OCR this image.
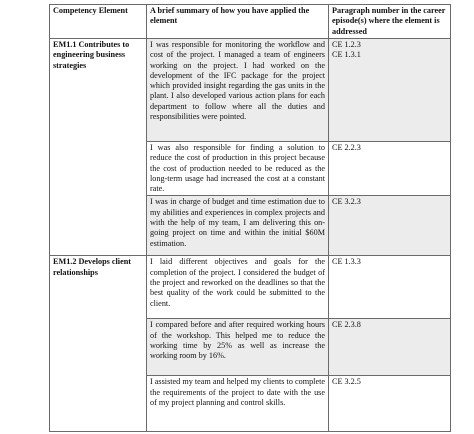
Competency Element	A brief summary of how you have applied the element	Paragraph number in the career episode(s) where the element is addressed
EM1.1 Contributes to engineering business strategies	I was responsible for monitoring the workflow and cost of the project. I managed a team of engineers working on the project. I had worked on the development of the IFC package for the project which provided insight regarding the gas units in the plant. I also developed various action plans for each department to follow where all the duties and responsibilities were pointed.	CE 1.2.3
CE 1.3.1

	I was also responsible for finding a solution to reduce the cost of production in this project because the cost of production needed to be reduced as the long-term usage had increased the cost at a constant rate.	CE 2.2.3

	I was in charge of budget and time estimation due to my abilities and experiences in complex projects and with the help of my team, I am delivering this on-going project on time and within the initial $60M estimation.	CE 3.2.3

EM1.2 Develops client relationships	I laid different objectives and goals for the completion of the project. I considered the budget of the project and reworked on the deadlines so that the best quality of the work could be submitted to the client.	CE 1.3.3

	I compared before and after required working hours of the workshop. This helped me to reduce the working time by 25% as well as increase the working room by 16%.	CE 2.3.8

	I assisted my team and helped my clients to complete the requirements of the project to date with the use of my project planning and control skills.	CE 3.2.5
